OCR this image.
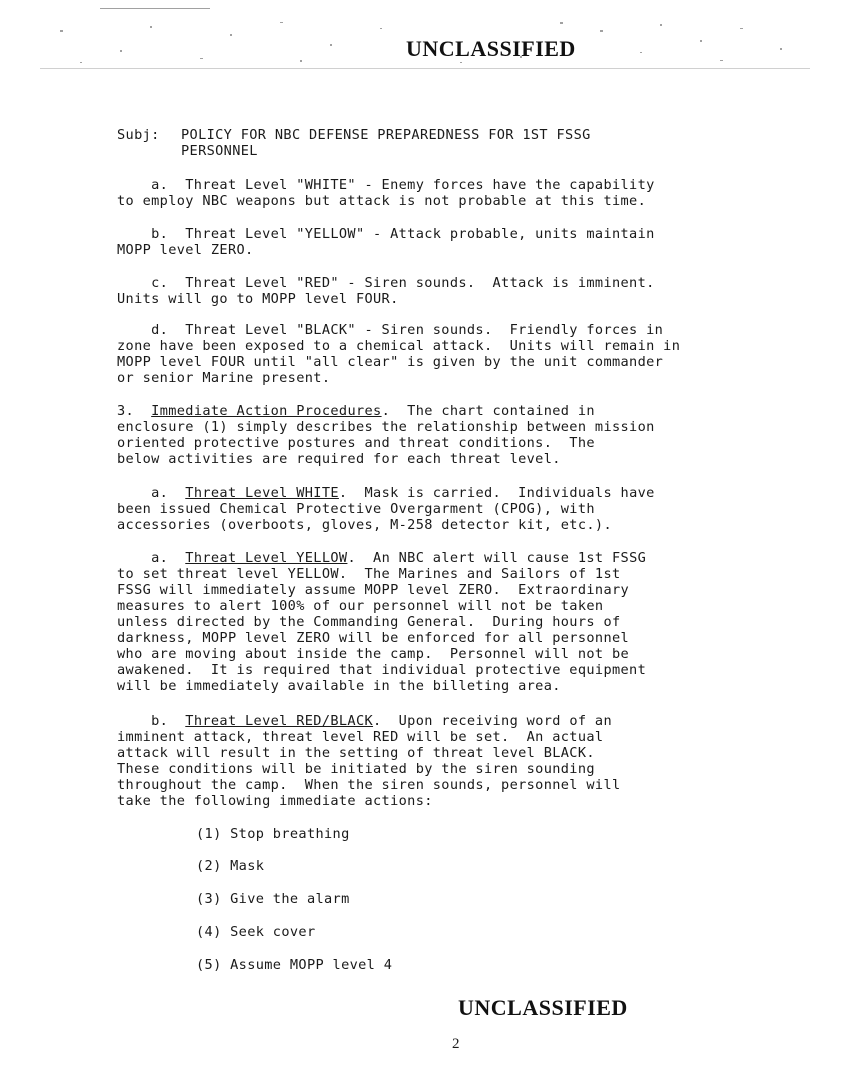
UNCLASSIFIED
Subj: POLICY FOR NBC DEFENSE PREPAREDNESS FOR 1ST FSSG
PERSONNEL
a.  Threat Level "WHITE" - Enemy forces have the capability
to employ NBC weapons but attack is not probable at this time.
b.  Threat Level "YELLOW" - Attack probable, units maintain
MOPP level ZERO.
c.  Threat Level "RED" - Siren sounds.  Attack is imminent.
Units will go to MOPP level FOUR.
d.  Threat Level "BLACK" - Siren sounds.  Friendly forces in
zone have been exposed to a chemical attack.  Units will remain in
MOPP level FOUR until "all clear" is given by the unit commander
or senior Marine present.
3. Immediate Action Procedures.  The chart contained in
enclosure (1) simply describes the relationship between mission
oriented protective postures and threat conditions.  The
below activities are required for each threat level.
a.  Threat Level WHITE.  Mask is carried.  Individuals have
been issued Chemical Protective Overgarment (CPOG), with
accessories (overboots, gloves, M-258 detector kit, etc.).
a.  Threat Level YELLOW.  An NBC alert will cause 1st FSSG
to set threat level YELLOW.  The Marines and Sailors of 1st
FSSG will immediately assume MOPP level ZERO.  Extraordinary
measures to alert 100% of our personnel will not be taken
unless directed by the Commanding General.  During hours of
darkness, MOPP level ZERO will be enforced for all personnel
who are moving about inside the camp.  Personnel will not be
awakened.  It is required that individual protective equipment
will be immediately available in the billeting area.
b.  Threat Level RED/BLACK.  Upon receiving word of an
imminent attack, threat level RED will be set.  An actual
attack will result in the setting of threat level BLACK.
These conditions will be initiated by the siren sounding
throughout the camp.  When the siren sounds, personnel will
take the following immediate actions:
(1) Stop breathing
(2) Mask
(3) Give the alarm
(4) Seek cover
(5) Assume MOPP level 4
UNCLASSIFIED
2
